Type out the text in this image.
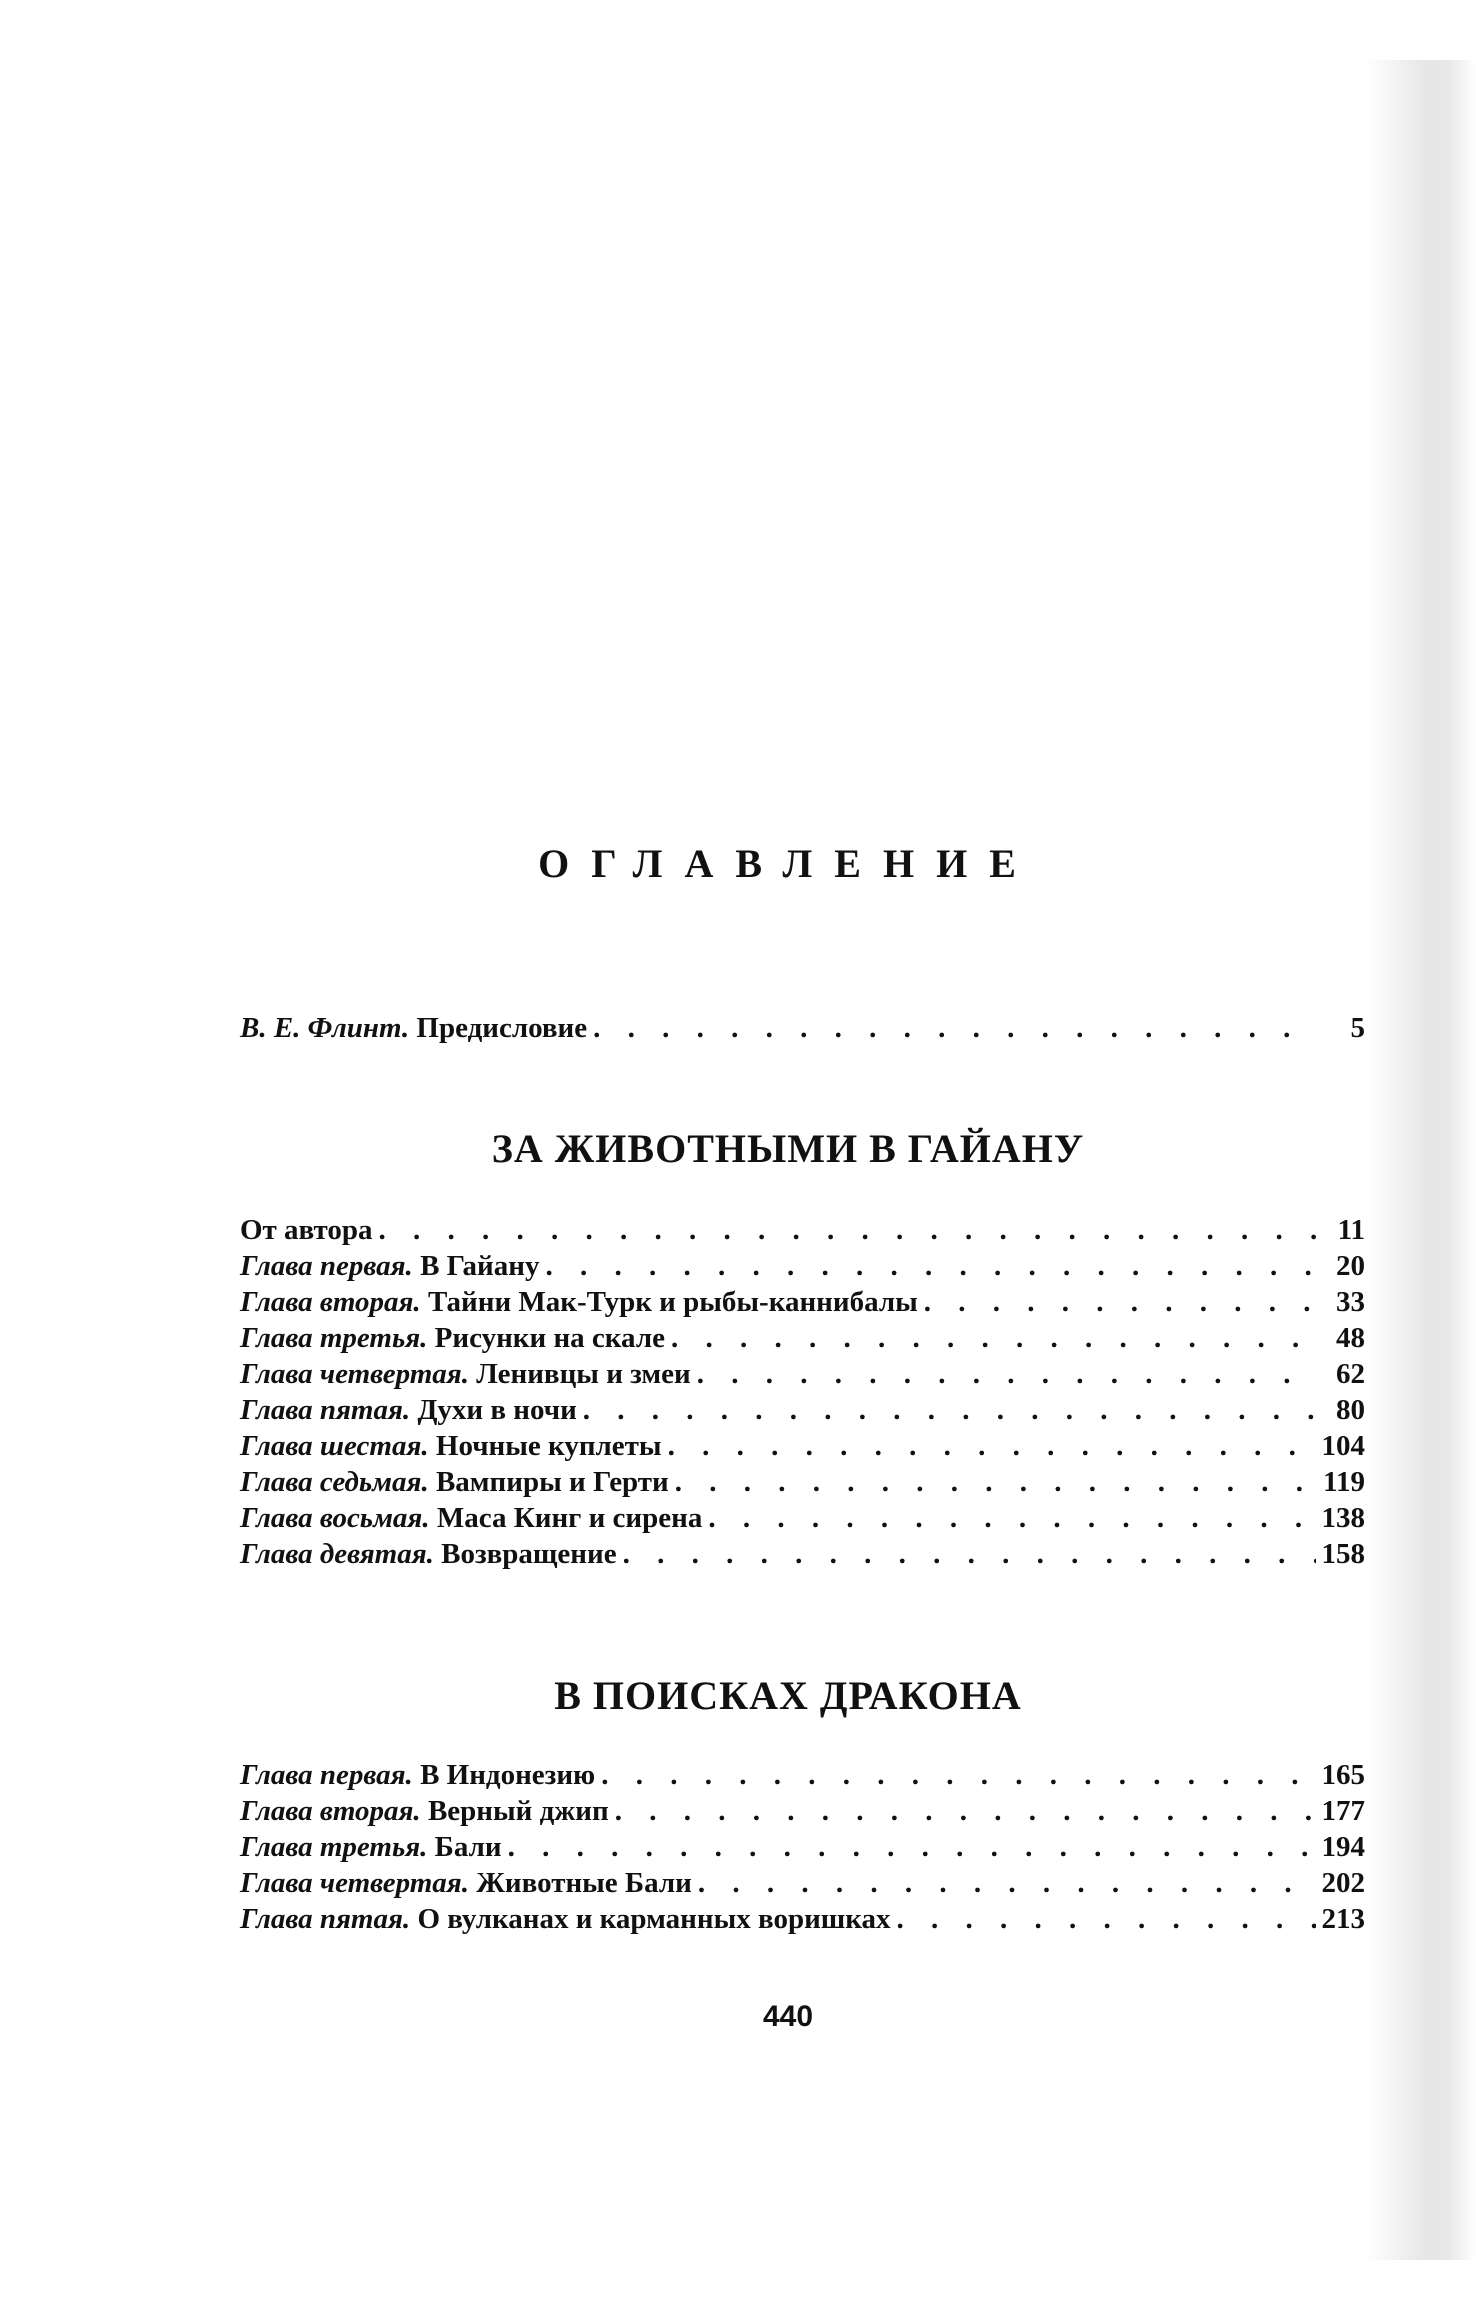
ОГЛАВЛЕНИЕ
В. Е. Флинт. Предисловие . . .	5
ЗА ЖИВОТНЫМИ В ГАЙАНУ
От автора . . .	11
Глава первая. В Гайану . . .	20
Глава вторая. Тайни Мак-Турк и рыбы-каннибалы . . .	33
Глава третья. Рисунки на скале . . .	48
Глава четвертая. Ленивцы и змеи . . .	62
Глава пятая. Духи в ночи . . .	80
Глава шестая. Ночные куплеты . . .	104
Глава седьмая. Вампиры и Герти . . .	119
Глава восьмая. Маса Кинг и сирена . . .	138
Глава девятая. Возвращение . . .	158
В ПОИСКАХ ДРАКОНА
Глава первая. В Индонезию . . .	165
Глава вторая. Верный джип . . .	177
Глава третья. Бали . . .	194
Глава четвертая. Животные Бали . . .	202
Глава пятая. О вулканах и карманных воришках . . .	213
440
